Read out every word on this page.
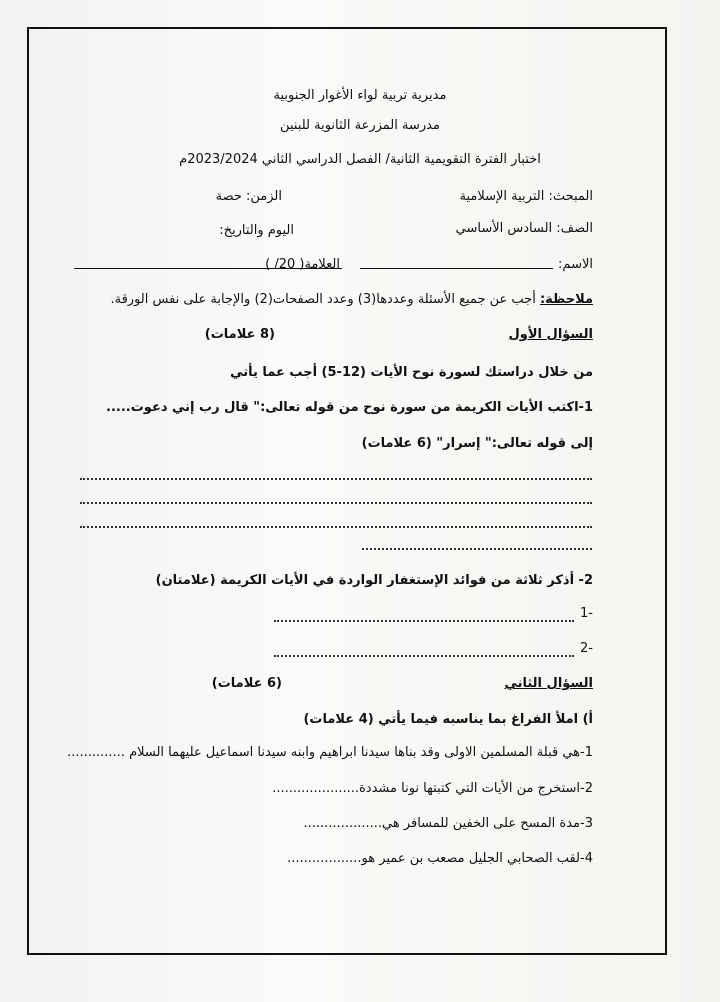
مديرية تربية لواء الأغوار الجنوبية
مدرسة المزرعة الثانوية للبنين
اختبار الفترة التقويمية الثانية/ الفصل الدراسي الثاني 2023/2024م
المبحث: التربية الإسلامية
الزمن: حصة
الصف: السادس الأساسي
اليوم والتاريخ:
الاسم:
العلامة( 20/ )
ملاحظة: أجب عن جميع الأسئلة وعددها(3) وعدد الصفحات(2) والإجابة على نفس الورقة.
السؤال الأول
(8 علامات)
من خلال دراستك لسورة نوح الأيات (12-5) أجب عما يأتي
1-اكتب الأيات الكريمة من سورة نوح من قوله تعالى:" قال رب إني دعوت.....
إلى قوله تعالى:" إسرار" (6 علامات)
2- أذكر ثلاثة من فوائد الإستغفار الواردة في الأيات الكريمة (علامتان)
-1
-2
السؤال الثاني
(6 علامات)
أ) املأ الفراغ بما يناسبه فيما يأتي (4 علامات)
1-هي قبلة المسلمين الاولى وقد بناها سيدنا ابراهيم وابنه سيدنا اسماعيل عليهما السلام ..............
2-استخرج من الأيات التي كتبتها نونا مشددة.....................
3-مدة المسح على الخفين للمسافر هي...................
4-لقب الصحابي الجليل مصعب بن عمير هو..................
